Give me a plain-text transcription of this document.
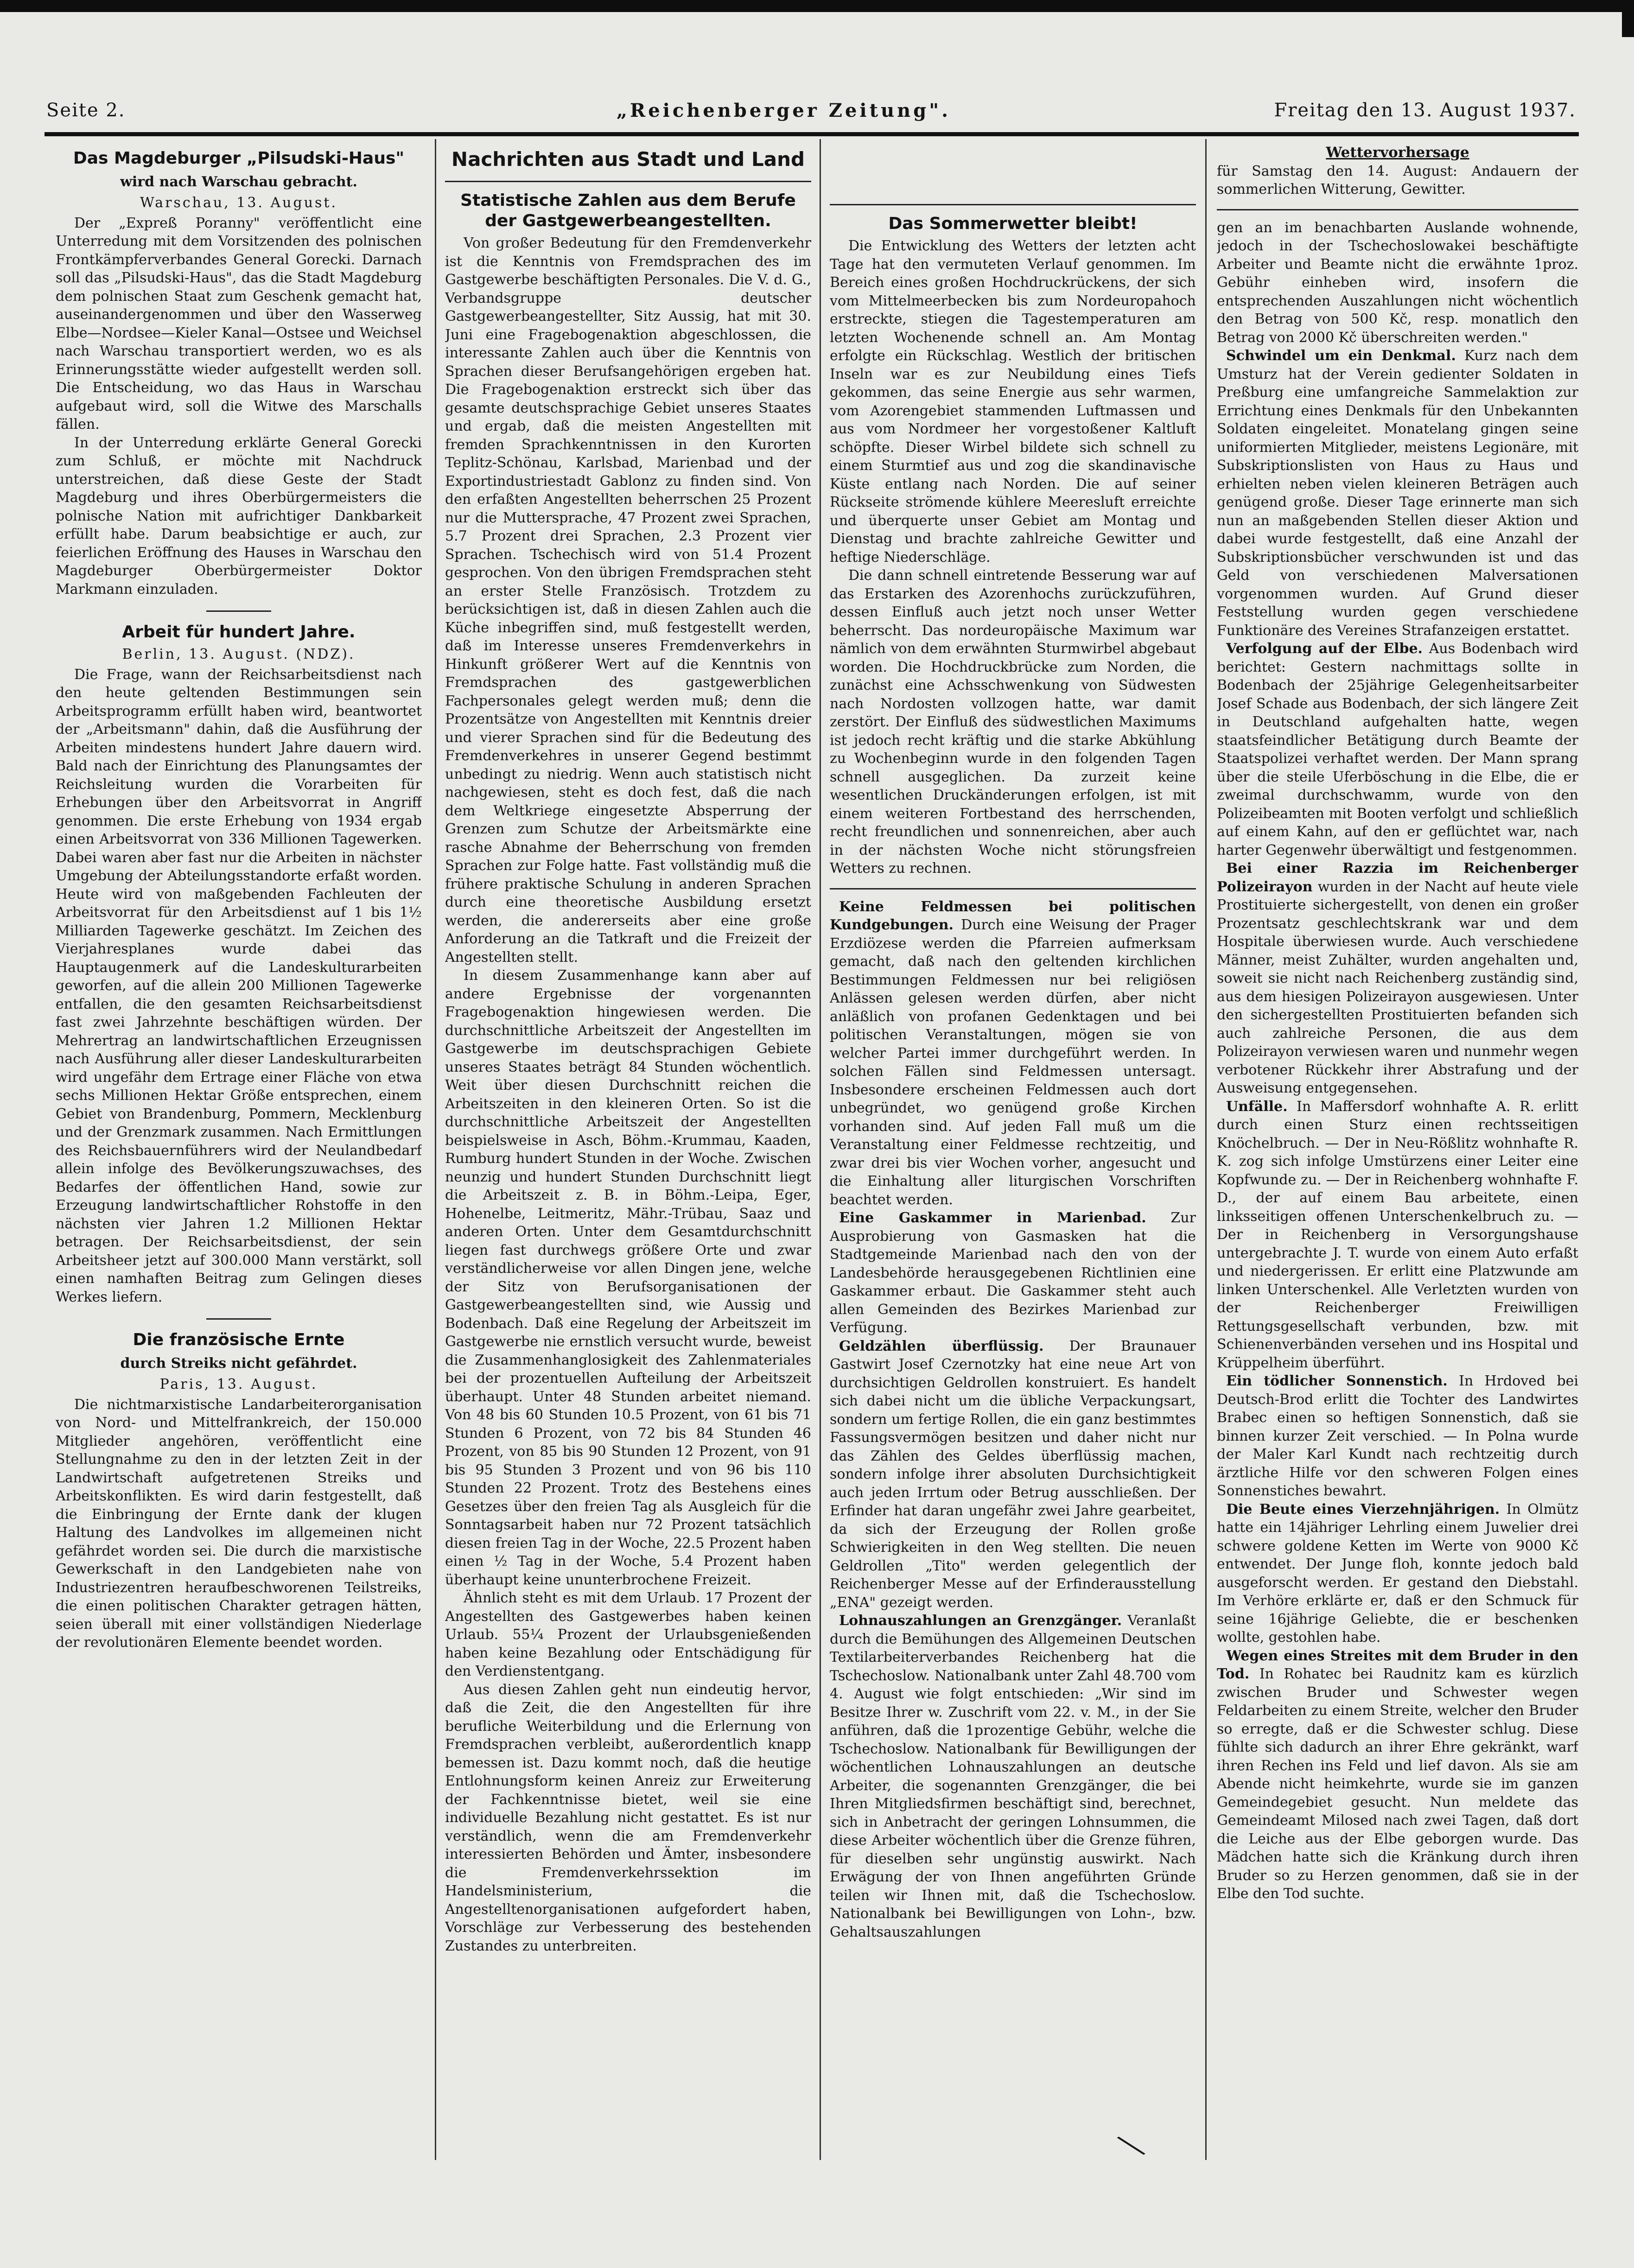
Seite 2.	„Reichenberger Zeitung".	Freitag den 13. August 1937.
Das Magdeburger „Pilsudski-Haus"
wird nach Warschau gebracht.

Warschau, 13. August.

Der „Expreß Poranny" veröffentlicht eine Unterredung mit dem Vorsitzenden des polnischen Frontkämpferverbandes General Gorecki. Darnach soll das „Pilsudski-Haus", das die Stadt Magdeburg dem polnischen Staat zum Geschenk gemacht hat, auseinandergenommen und über den Wasserweg Elbe—Nordsee—Kieler Kanal—Ostsee und Weichsel nach Warschau transportiert werden, wo es als Erinnerungsstätte wieder aufgestellt werden soll. Die Entscheidung, wo das Haus in Warschau aufgebaut wird, soll die Witwe des Marschalls fällen.

In der Unterredung erklärte General Gorecki zum Schluß, er möchte mit Nachdruck unterstreichen, daß diese Geste der Stadt Magdeburg und ihres Oberbürgermeisters die polnische Nation mit aufrichtiger Dankbarkeit erfüllt habe. Darum beabsichtige er auch, zur feierlichen Eröffnung des Hauses in Warschau den Magdeburger Oberbürgermeister Doktor Markmann einzuladen.

Arbeit für hundert Jahre.

Berlin, 13. August. (NDZ).

Die Frage, wann der Reichsarbeitsdienst nach den heute geltenden Bestimmungen sein Arbeitsprogramm erfüllt haben wird, beantwortet der „Arbeitsmann" dahin, daß die Ausführung der Arbeiten mindestens hundert Jahre dauern wird. Bald nach der Einrichtung des Planungsamtes der Reichsleitung wurden die Vorarbeiten für Erhebungen über den Arbeitsvorrat in Angriff genommen. Die erste Erhebung von 1934 ergab einen Arbeitsvorrat von 336 Millionen Tagewerken. Dabei waren aber fast nur die Arbeiten in nächster Umgebung der Abteilungsstandorte erfaßt worden. Heute wird von maßgebenden Fachleuten der Arbeitsvorrat für den Arbeitsdienst auf 1 bis 1½ Milliarden Tagewerke geschätzt. Im Zeichen des Vierjahresplanes wurde dabei das Hauptaugenmerk auf die Landeskulturarbeiten geworfen, auf die allein 200 Millionen Tagewerke entfallen, die den gesamten Reichsarbeitsdienst fast zwei Jahrzehnte beschäftigen würden. Der Mehrertrag an landwirtschaftlichen Erzeugnissen nach Ausführung aller dieser Landeskulturarbeiten wird ungefähr dem Ertrage einer Fläche von etwa sechs Millionen Hektar Größe entsprechen, einem Gebiet von Brandenburg, Pommern, Mecklenburg und der Grenzmark zusammen. Nach Ermittlungen des Reichsbauernführers wird der Neulandbedarf allein infolge des Bevölkerungszuwachses, des Bedarfes der öffentlichen Hand, sowie zur Erzeugung landwirtschaftlicher Rohstoffe in den nächsten vier Jahren 1.2 Millionen Hektar betragen. Der Reichsarbeitsdienst, der sein Arbeitsheer jetzt auf 300.000 Mann verstärkt, soll einen namhaften Beitrag zum Gelingen dieses Werkes liefern.

Die französische Ernte
durch Streiks nicht gefährdet.

Paris, 13. August.

Die nichtmarxistische Landarbeiterorganisation von Nord- und Mittelfrankreich, der 150.000 Mitglieder angehören, veröffentlicht eine Stellungnahme zu den in der letzten Zeit in der Landwirtschaft aufgetretenen Streiks und Arbeitskonflikten. Es wird darin festgestellt, daß die Einbringung der Ernte dank der klugen Haltung des Landvolkes im allgemeinen nicht gefährdet worden sei. Die durch die marxistische Gewerkschaft in den Landgebieten nahe von Industriezentren heraufbeschworenen Teilstreiks, die einen politischen Charakter getragen hätten, seien überall mit einer vollständigen Niederlage der revolutionären Elemente beendet worden.

Nachrichten aus Stadt und Land
Statistische Zahlen aus dem Berufe der Gastgewerbeangestellten.

Von großer Bedeutung für den Fremdenverkehr ist die Kenntnis von Fremdsprachen des im Gastgewerbe beschäftigten Personales. Die V. d. G., Verbandsgruppe deutscher Gastgewerbeangestellter, Sitz Aussig, hat mit 30. Juni eine Fragebogenaktion abgeschlossen, die interessante Zahlen auch über die Kenntnis von Sprachen dieser Berufsangehörigen ergeben hat. Die Fragebogenaktion erstreckt sich über das gesamte deutschsprachige Gebiet unseres Staates und ergab, daß die meisten Angestellten mit fremden Sprachkenntnissen in den Kurorten Teplitz-Schönau, Karlsbad, Marienbad und der Exportindustriestadt Gablonz zu finden sind. Von den erfaßten Angestellten beherrschen 25 Prozent nur die Muttersprache, 47 Prozent zwei Sprachen, 5.7 Prozent drei Sprachen, 2.3 Prozent vier Sprachen. Tschechisch wird von 51.4 Prozent gesprochen. Von den übrigen Fremdsprachen steht an erster Stelle Französisch. Trotzdem zu berücksichtigen ist, daß in diesen Zahlen auch die Küche inbegriffen sind, muß festgestellt werden, daß im Interesse unseres Fremdenverkehrs in Hinkunft größerer Wert auf die Kenntnis von Fremdsprachen des gastgewerblichen Fachpersonales gelegt werden muß; denn die Prozentsätze von Angestellten mit Kenntnis dreier und vierer Sprachen sind für die Bedeutung des Fremdenverkehres in unserer Gegend bestimmt unbedingt zu niedrig. Wenn auch statistisch nicht nachgewiesen, steht es doch fest, daß die nach dem Weltkriege eingesetzte Absperrung der Grenzen zum Schutze der Arbeitsmärkte eine rasche Abnahme der Beherrschung von fremden Sprachen zur Folge hatte. Fast vollständig muß die frühere praktische Schulung in anderen Sprachen durch eine theoretische Ausbildung ersetzt werden, die andererseits aber eine große Anforderung an die Tatkraft und die Freizeit der Angestellten stellt.

In diesem Zusammenhange kann aber auf andere Ergebnisse der vorgenannten Fragebogenaktion hingewiesen werden. Die durchschnittliche Arbeitszeit der Angestellten im Gastgewerbe im deutschsprachigen Gebiete unseres Staates beträgt 84 Stunden wöchentlich. Weit über diesen Durchschnitt reichen die Arbeitszeiten in den kleineren Orten. So ist die durchschnittliche Arbeitszeit der Angestellten beispielsweise in Asch, Böhm.-Krummau, Kaaden, Rumburg hundert Stunden in der Woche. Zwischen neunzig und hundert Stunden Durchschnitt liegt die Arbeitszeit z. B. in Böhm.-Leipa, Eger, Hohenelbe, Leitmeritz, Mähr.-Trübau, Saaz und anderen Orten. Unter dem Gesamtdurchschnitt liegen fast durchwegs größere Orte und zwar verständlicherweise vor allen Dingen jene, welche der Sitz von Berufsorganisationen der Gastgewerbeangestellten sind, wie Aussig und Bodenbach. Daß eine Regelung der Arbeitszeit im Gastgewerbe nie ernstlich versucht wurde, beweist die Zusammenhanglosigkeit des Zahlenmateriales bei der prozentuellen Aufteilung der Arbeitszeit überhaupt. Unter 48 Stunden arbeitet niemand. Von 48 bis 60 Stunden 10.5 Prozent, von 61 bis 71 Stunden 6 Prozent, von 72 bis 84 Stunden 46 Prozent, von 85 bis 90 Stunden 12 Prozent, von 91 bis 95 Stunden 3 Prozent und von 96 bis 110 Stunden 22 Prozent. Trotz des Bestehens eines Gesetzes über den freien Tag als Ausgleich für die Sonntagsarbeit haben nur 72 Prozent tatsächlich diesen freien Tag in der Woche, 22.5 Prozent haben einen ½ Tag in der Woche, 5.4 Prozent haben überhaupt keine ununterbrochene Freizeit.

Ähnlich steht es mit dem Urlaub. 17 Prozent der Angestellten des Gastgewerbes haben keinen Urlaub. 55¼ Prozent der Urlaubsgenießenden haben keine Bezahlung oder Entschädigung für den Verdienstentgang.

Aus diesen Zahlen geht nun eindeutig hervor, daß die Zeit, die den Angestellten für ihre berufliche Weiterbildung und die Erlernung von Fremdsprachen verbleibt, außerordentlich knapp bemessen ist. Dazu kommt noch, daß die heutige Entlohnungsform keinen Anreiz zur Erweiterung der Fachkenntnisse bietet, weil sie eine individuelle Bezahlung nicht gestattet. Es ist nur verständlich, wenn die am Fremdenverkehr interessierten Behörden und Ämter, insbesondere die Fremdenverkehrssektion im Handelsministerium, die Angestelltenorganisationen aufgefordert haben, Vorschläge zur Verbesserung des bestehenden Zustandes zu unterbreiten.

Das Sommerwetter bleibt!

Die Entwicklung des Wetters der letzten acht Tage hat den vermuteten Verlauf genommen. Im Bereich eines großen Hochdruckrückens, der sich vom Mittelmeerbecken bis zum Nordeuropahoch erstreckte, stiegen die Tagestemperaturen am letzten Wochenende schnell an. Am Montag erfolgte ein Rückschlag. Westlich der britischen Inseln war es zur Neubildung eines Tiefs gekommen, das seine Energie aus sehr warmen, vom Azorengebiet stammenden Luftmassen und aus vom Nordmeer her vorgestoßener Kaltluft schöpfte. Dieser Wirbel bildete sich schnell zu einem Sturmtief aus und zog die skandinavische Küste entlang nach Norden. Die auf seiner Rückseite strömende kühlere Meeresluft erreichte und überquerte unser Gebiet am Montag und Dienstag und brachte zahlreiche Gewitter und heftige Niederschläge.

Die dann schnell eintretende Besserung war auf das Erstarken des Azorenhochs zurückzuführen, dessen Einfluß auch jetzt noch unser Wetter beherrscht. Das nordeuropäische Maximum war nämlich von dem erwähnten Sturmwirbel abgebaut worden. Die Hochdruckbrücke zum Norden, die zunächst eine Achsschwenkung von Südwesten nach Nordosten vollzogen hatte, war damit zerstört. Der Einfluß des südwestlichen Maximums ist jedoch recht kräftig und die starke Abkühlung zu Wochenbeginn wurde in den folgenden Tagen schnell ausgeglichen. Da zurzeit keine wesentlichen Druckänderungen erfolgen, ist mit einem weiteren Fortbestand des herrschenden, recht freundlichen und sonnenreichen, aber auch in der nächsten Woche nicht störungsfreien Wetters zu rechnen.

Keine Feldmessen bei politischen Kundgebungen. Durch eine Weisung der Prager Erzdiözese werden die Pfarreien aufmerksam gemacht, daß nach den geltenden kirchlichen Bestimmungen Feldmessen nur bei religiösen Anlässen gelesen werden dürfen, aber nicht anläßlich von profanen Gedenktagen und bei politischen Veranstaltungen, mögen sie von welcher Partei immer durchgeführt werden. In solchen Fällen sind Feldmessen untersagt. Insbesondere erscheinen Feldmessen auch dort unbegründet, wo genügend große Kirchen vorhanden sind. Auf jeden Fall muß um die Veranstaltung einer Feldmesse rechtzeitig, und zwar drei bis vier Wochen vorher, angesucht und die Einhaltung aller liturgischen Vorschriften beachtet werden.

Eine Gaskammer in Marienbad. Zur Ausprobierung von Gasmasken hat die Stadtgemeinde Marienbad nach den von der Landesbehörde herausgegebenen Richtlinien eine Gaskammer erbaut. Die Gaskammer steht auch allen Gemeinden des Bezirkes Marienbad zur Verfügung.

Geldzählen überflüssig. Der Braunauer Gastwirt Josef Czernotzky hat eine neue Art von durchsichtigen Geldrollen konstruiert. Es handelt sich dabei nicht um die übliche Verpackungsart, sondern um fertige Rollen, die ein ganz bestimmtes Fassungsvermögen besitzen und daher nicht nur das Zählen des Geldes überflüssig machen, sondern infolge ihrer absoluten Durchsichtigkeit auch jeden Irrtum oder Betrug ausschließen. Der Erfinder hat daran ungefähr zwei Jahre gearbeitet, da sich der Erzeugung der Rollen große Schwierigkeiten in den Weg stellten. Die neuen Geldrollen „Tito" werden gelegentlich der Reichenberger Messe auf der Erfinderausstellung „ENA" gezeigt werden.

Lohnauszahlungen an Grenzgänger. Veranlaßt durch die Bemühungen des Allgemeinen Deutschen Textilarbeiterverbandes Reichenberg hat die Tschechoslow. Nationalbank unter Zahl 48.700 vom 4. August wie folgt entschieden: „Wir sind im Besitze Ihrer w. Zuschrift vom 22. v. M., in der Sie anführen, daß die 1prozentige Gebühr, welche die Tschechoslow. Nationalbank für Bewilligungen der wöchentlichen Lohnauszahlungen an deutsche Arbeiter, die sogenannten Grenzgänger, die bei Ihren Mitgliedsfirmen beschäftigt sind, berechnet, sich in Anbetracht der geringen Lohnsummen, die diese Arbeiter wöchentlich über die Grenze führen, für dieselben sehr ungünstig auswirkt. Nach Erwägung der von Ihnen angeführten Gründe teilen wir Ihnen mit, daß die Tschechoslow. Nationalbank bei Bewilligungen von Lohn-, bzw. Gehaltsauszahlungen

Wettervorhersage

für Samstag den 14. August: Andauern der sommerlichen Witterung, Gewitter.

gen an im benachbarten Auslande wohnende, jedoch in der Tschechoslowakei beschäftigte Arbeiter und Beamte nicht die erwähnte 1proz. Gebühr einheben wird, insofern die entsprechenden Auszahlungen nicht wöchentlich den Betrag von 500 Kč, resp. monatlich den Betrag von 2000 Kč überschreiten werden."

Schwindel um ein Denkmal. Kurz nach dem Umsturz hat der Verein gedienter Soldaten in Preßburg eine umfangreiche Sammelaktion zur Errichtung eines Denkmals für den Unbekannten Soldaten eingeleitet. Monatelang gingen seine uniformierten Mitglieder, meistens Legionäre, mit Subskriptionslisten von Haus zu Haus und erhielten neben vielen kleineren Beträgen auch genügend große. Dieser Tage erinnerte man sich nun an maßgebenden Stellen dieser Aktion und dabei wurde festgestellt, daß eine Anzahl der Subskriptionsbücher verschwunden ist und das Geld von verschiedenen Malversationen vorgenommen wurden. Auf Grund dieser Feststellung wurden gegen verschiedene Funktionäre des Vereines Strafanzeigen erstattet.

Verfolgung auf der Elbe. Aus Bodenbach wird berichtet: Gestern nachmittags sollte in Bodenbach der 25jährige Gelegenheitsarbeiter Josef Schade aus Bodenbach, der sich längere Zeit in Deutschland aufgehalten hatte, wegen staatsfeindlicher Betätigung durch Beamte der Staatspolizei verhaftet werden. Der Mann sprang über die steile Uferböschung in die Elbe, die er zweimal durchschwamm, wurde von den Polizeibeamten mit Booten verfolgt und schließlich auf einem Kahn, auf den er geflüchtet war, nach harter Gegenwehr überwältigt und festgenommen.

Bei einer Razzia im Reichenberger Polizeirayon wurden in der Nacht auf heute viele Prostituierte sichergestellt, von denen ein großer Prozentsatz geschlechtskrank war und dem Hospitale überwiesen wurde. Auch verschiedene Männer, meist Zuhälter, wurden angehalten und, soweit sie nicht nach Reichenberg zuständig sind, aus dem hiesigen Polizeirayon ausgewiesen. Unter den sichergestellten Prostituierten befanden sich auch zahlreiche Personen, die aus dem Polizeirayon verwiesen waren und nunmehr wegen verbotener Rückkehr ihrer Abstrafung und der Ausweisung entgegensehen.

Unfälle. In Maffersdorf wohnhafte A. R. erlitt durch einen Sturz einen rechtsseitigen Knöchelbruch. — Der in Neu-Rößlitz wohnhafte R. K. zog sich infolge Umstürzens einer Leiter eine Kopfwunde zu. — Der in Reichenberg wohnhafte F. D., der auf einem Bau arbeitete, einen linksseitigen offenen Unterschenkelbruch zu. — Der in Reichenberg in Versorgungshause untergebrachte J. T. wurde von einem Auto erfaßt und niedergerissen. Er erlitt eine Platzwunde am linken Unterschenkel. Alle Verletzten wurden von der Reichenberger Freiwilligen Rettungsgesellschaft verbunden, bzw. mit Schienenverbänden versehen und ins Hospital und Krüppelheim überführt.

Ein tödlicher Sonnenstich. In Hrdoved bei Deutsch-Brod erlitt die Tochter des Landwirtes Brabec einen so heftigen Sonnenstich, daß sie binnen kurzer Zeit verschied. — In Polna wurde der Maler Karl Kundt nach rechtzeitig durch ärztliche Hilfe vor den schweren Folgen eines Sonnenstiches bewahrt.

Die Beute eines Vierzehnjährigen. In Olmütz hatte ein 14jähriger Lehrling einem Juwelier drei schwere goldene Ketten im Werte von 9000 Kč entwendet. Der Junge floh, konnte jedoch bald ausgeforscht werden. Er gestand den Diebstahl. Im Verhöre erklärte er, daß er den Schmuck für seine 16jährige Geliebte, die er beschenken wollte, gestohlen habe.

Wegen eines Streites mit dem Bruder in den Tod. In Rohatec bei Raudnitz kam es kürzlich zwischen Bruder und Schwester wegen Feldarbeiten zu einem Streite, welcher den Bruder so erregte, daß er die Schwester schlug. Diese fühlte sich dadurch an ihrer Ehre gekränkt, warf ihren Rechen ins Feld und lief davon. Als sie am Abende nicht heimkehrte, wurde sie im ganzen Gemeindegebiet gesucht. Nun meldete das Gemeindeamt Milosed nach zwei Tagen, daß dort die Leiche aus der Elbe geborgen wurde. Das Mädchen hatte sich die Kränkung durch ihren Bruder so zu Herzen genommen, daß sie in der Elbe den Tod suchte.

╲
